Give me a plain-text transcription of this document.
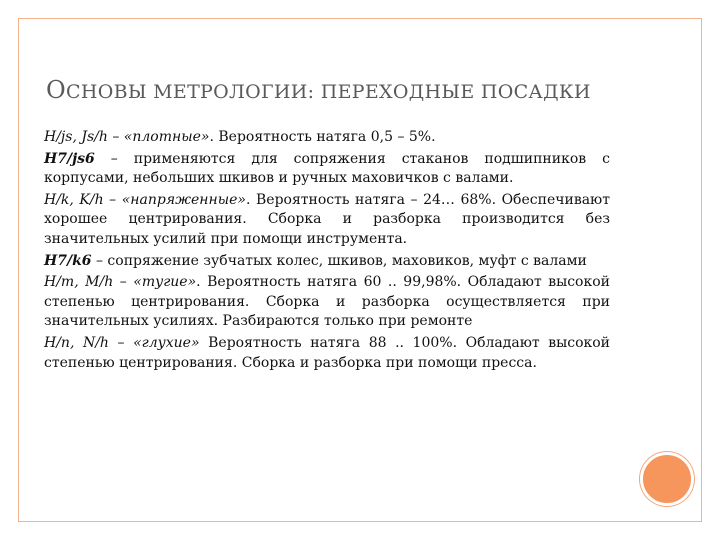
ОСНОВЫ МЕТРОЛОГИИ: ПЕРЕХОДНЫЕ ПОСАДКИ

H/js, Js/h – «плотные». Вероятность натяга 0,5 – 5%.

H7/js6 – применяются для сопряжения стаканов подшипников с корпусами, небольших шкивов и ручных маховичков с валами.

H/k, K/h – «напряженные». Вероятность натяга – 24… 68%. Обеспечивают хорошее центрирования. Сборка и разборка производится без значительных усилий при помощи инструмента.

H7/k6 – сопряжение зубчатых колес, шкивов, маховиков, муфт с валами

H/m, M/h – «тугие». Вероятность натяга 60 .. 99,98%. Обладают высокой степенью центрирования. Сборка и разборка осуществляется при значительных усилиях. Разбираются только при ремонте

H/n, N/h – «глухие» Вероятность натяга 88 .. 100%. Обладают высокой степенью центрирования. Сборка и разборка при помощи пресса.
